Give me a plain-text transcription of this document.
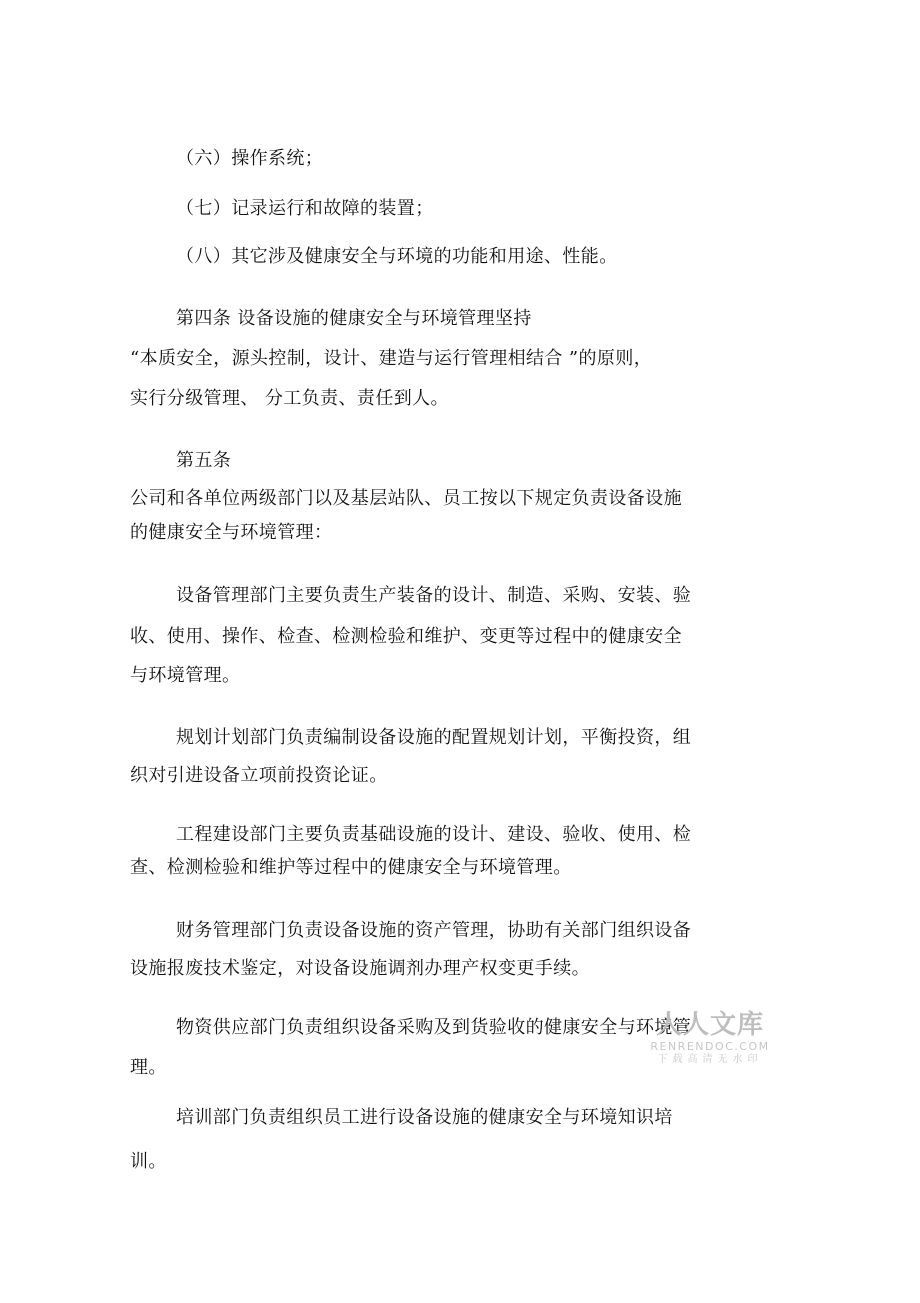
（六）操作系统；
（七）记录运行和故障的装置；
（八）其它涉及健康安全与环境的功能和用途、性能。
第四条 设备设施的健康安全与环境管理坚持
“本质安全，源头控制，设计、建造与运行管理相结合 ”的原则，
实行分级管理、 分工负责、责任到人。
第五条
公司和各单位两级部门以及基层站队、员工按以下规定负责设备设施
的健康安全与环境管理：
设备管理部门主要负责生产装备的设计、制造、采购、安装、验
收、使用、操作、检查、检测检验和维护、变更等过程中的健康安全
与环境管理。
规划计划部门负责编制设备设施的配置规划计划，平衡投资，组
织对引进设备立项前投资论证。
工程建设部门主要负责基础设施的设计、建设、验收、使用、检
查、检测检验和维护等过程中的健康安全与环境管理。
财务管理部门负责设备设施的资产管理，协助有关部门组织设备
设施报废技术鉴定，对设备设施调剂办理产权变更手续。
物资供应部门负责组织设备采购及到货验收的健康安全与环境管
理。
培训部门负责组织员工进行设备设施的健康安全与环境知识培
训。
人人文库
RENRENDOC.COM
下载高清无水印
